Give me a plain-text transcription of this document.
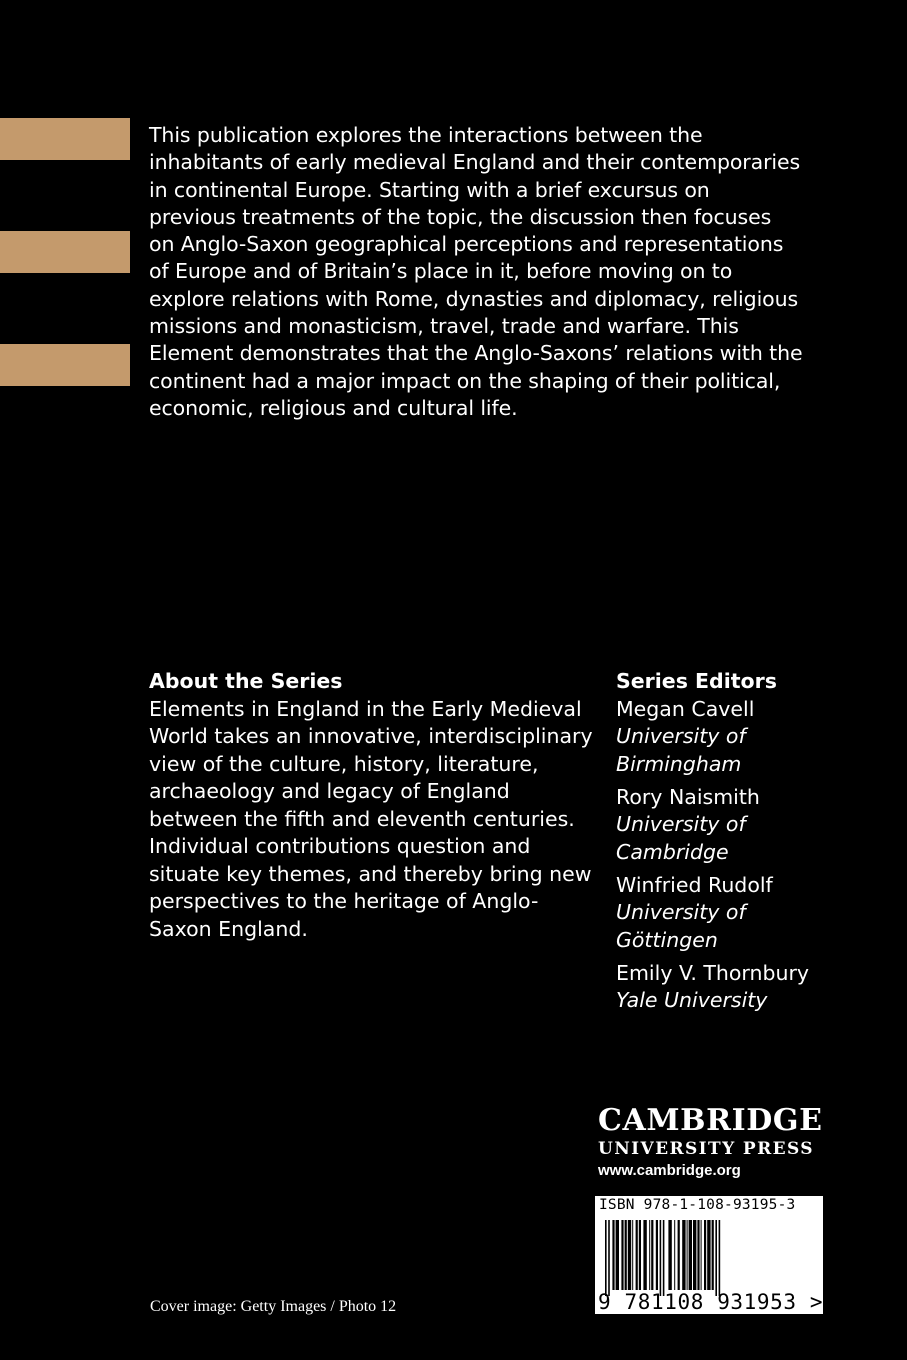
This publication explores the interactions between the
inhabitants of early medieval England and their contemporaries
in continental Europe. Starting with a brief excursus on
previous treatments of the topic, the discussion then focuses
on Anglo-Saxon geographical perceptions and representations
of Europe and of Britain’s place in it, before moving on to
explore relations with Rome, dynasties and diplomacy, religious
missions and monasticism, travel, trade and warfare. This
Element demonstrates that the Anglo-Saxons’ relations with the
continent had a major impact on the shaping of their political,
economic, religious and cultural life.
About the Series
Elements in England in the Early Medieval
World takes an innovative, interdisciplinary
view of the culture, history, literature,
archaeology and legacy of England
between the fifth and eleventh centuries.
Individual contributions question and
situate key themes, and thereby bring new
perspectives to the heritage of Anglo-
Saxon England.
Series Editors
Megan Cavell
University of
Birmingham
Rory Naismith
University of
Cambridge
Winfried Rudolf
University of
Göttingen
Emily V. Thornbury
Yale University
CAMBRIDGE
UNIVERSITY PRESS
www.cambridge.org
ISBN 978-1-108-93195-3
9 781108 931953 >
Cover image: Getty Images / Photo 12
